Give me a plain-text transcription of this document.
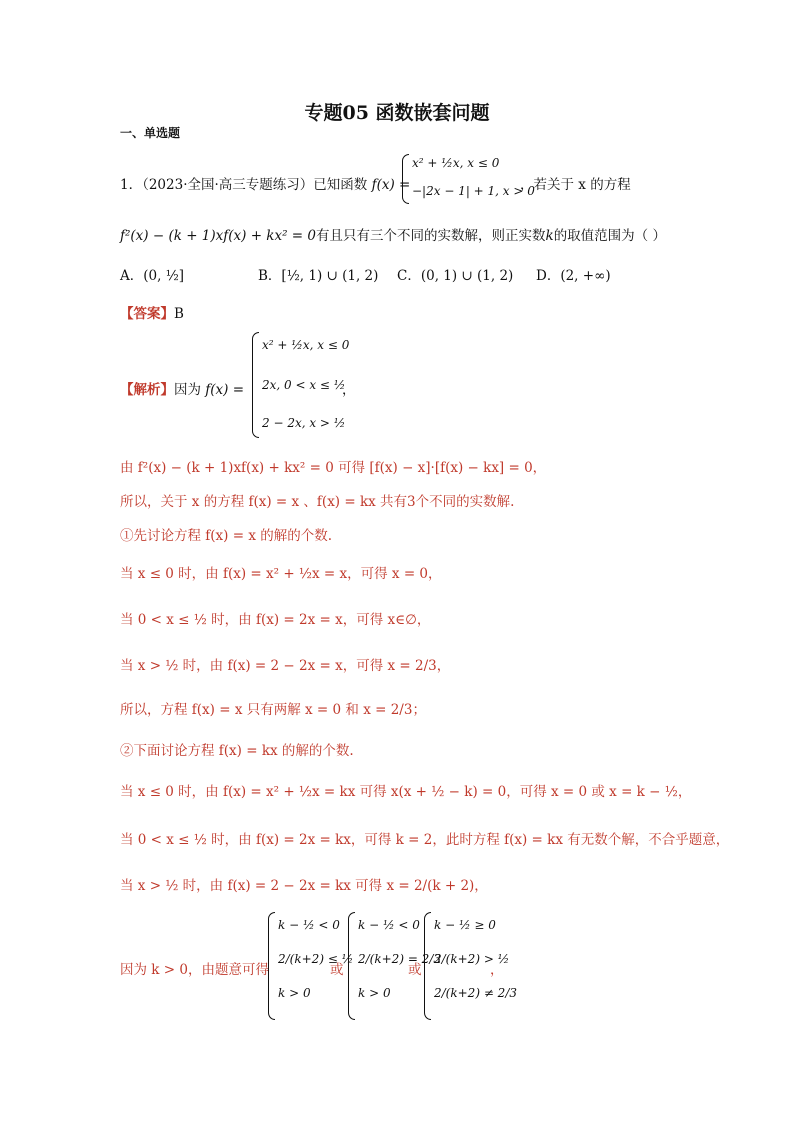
专题05 函数嵌套问题
一、单选题
1．（2023·全国·高三专题练习）已知函数 f(x) =
x² + ½x, x ≤ 0
−|2x − 1| + 1, x > 0
，若关于 x 的方程
f²(x) − (k + 1)xf(x) + kx² = 0有且只有三个不同的实数解，则正实数k的取值范围为（ ）
A．(0, ½]	B．[½, 1) ∪ (1, 2) C．(0, 1) ∪ (1, 2) D．(2, +∞)
【答案】B
【解析】因为 f(x) =
x² + ½x, x ≤ 0
2x, 0 < x ≤ ½
2 − 2x, x > ½
，
由 f²(x) − (k + 1)xf(x) + kx² = 0 可得 [f(x) − x]·[f(x) − kx] = 0，
所以，关于 x 的方程 f(x) = x 、f(x) = kx 共有3个不同的实数解.
①先讨论方程 f(x) = x 的解的个数.
当 x ≤ 0 时，由 f(x) = x² + ½x = x，可得 x = 0，
当 0 < x ≤ ½ 时，由 f(x) = 2x = x，可得 x∈∅，
当 x > ½ 时，由 f(x) = 2 − 2x = x，可得 x = 2/3，
所以，方程 f(x) = x 只有两解 x = 0 和 x = 2/3；
②下面讨论方程 f(x) = kx 的解的个数.
当 x ≤ 0 时，由 f(x) = x² + ½x = kx 可得 x(x + ½ − k) = 0，可得 x = 0 或 x = k − ½，
当 0 < x ≤ ½ 时，由 f(x) = 2x = kx，可得 k = 2，此时方程 f(x) = kx 有无数个解，不合乎题意，
当 x > ½ 时，由 f(x) = 2 − 2x = kx 可得 x = 2/(k + 2)，
因为 k > 0，由题意可得
k − ½ < 0
2/(k+2) ≤ ½
k > 0
或
k − ½ < 0
2/(k+2) = 2/3
k > 0
或
k − ½ ≥ 0
2/(k+2) > ½
2/(k+2) ≠ 2/3
，
